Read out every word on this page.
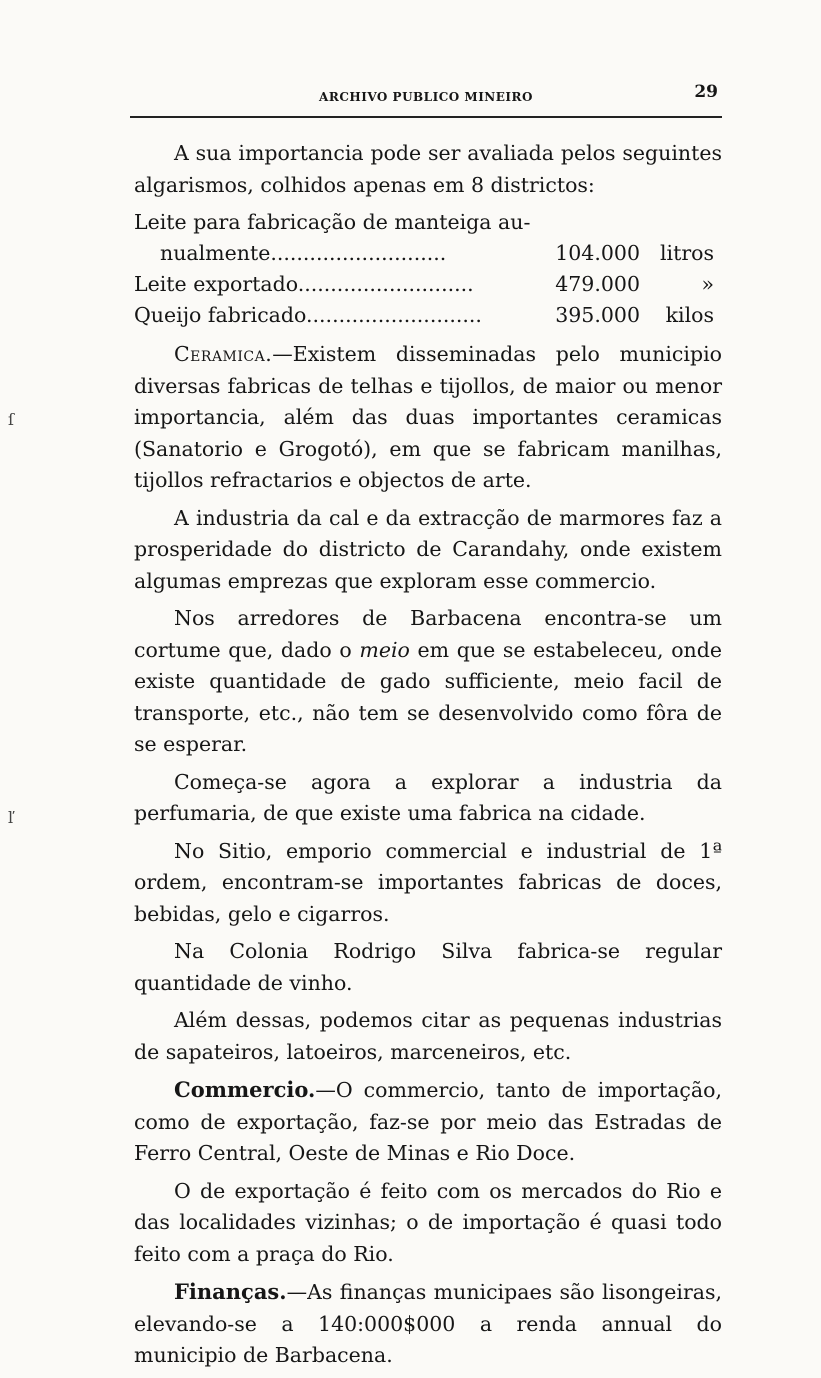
ſ
ľ
ARCHIVO PUBLICO MINEIRO	29

A sua importancia pode ser avaliada pelos seguintes algarismos, colhidos apenas em 8 districtos:

Leite para fabricação de manteiga au-
nualmente...........................	104.000 litros
Leite exportado...........................	479.000	»
Queijo fabricado...........................	395.000	kilos

Ceramica.—Existem disseminadas pelo municipio diversas fabricas de telhas e tijollos, de maior ou menor importancia, além das duas importantes ceramicas (Sanatorio e Grogotó), em que se fabricam manilhas, tijollos refractarios e objectos de arte.

A industria da cal e da extracção de marmores faz a prosperidade do districto de Carandahy, onde existem algumas emprezas que exploram esse commercio.

Nos arredores de Barbacena encontra-se um cortume que, dado o meio em que se estabeleceu, onde existe quantidade de gado sufficiente, meio facil de transporte, etc., não tem se desenvolvido como fôra de se esperar.

Começa-se agora a explorar a industria da perfumaria, de que existe uma fabrica na cidade.

No Sitio, emporio commercial e industrial de 1ª ordem, encontram-se importantes fabricas de doces, bebidas, gelo e cigarros.

Na Colonia Rodrigo Silva fabrica-se regular quantidade de vinho.

Além dessas, podemos citar as pequenas industrias de sapateiros, latoeiros, marceneiros, etc.

Commercio.—O commercio, tanto de importação, como de exportação, faz-se por meio das Estradas de Ferro Central, Oeste de Minas e Rio Doce.

O de exportação é feito com os mercados do Rio e das localidades vizinhas; o de importação é quasi todo feito com a praça do Rio.

Finanças.—As finanças municipaes são lisongeiras, elevando-se a 140:000$000 a renda annual do municipio de Barbacena.
